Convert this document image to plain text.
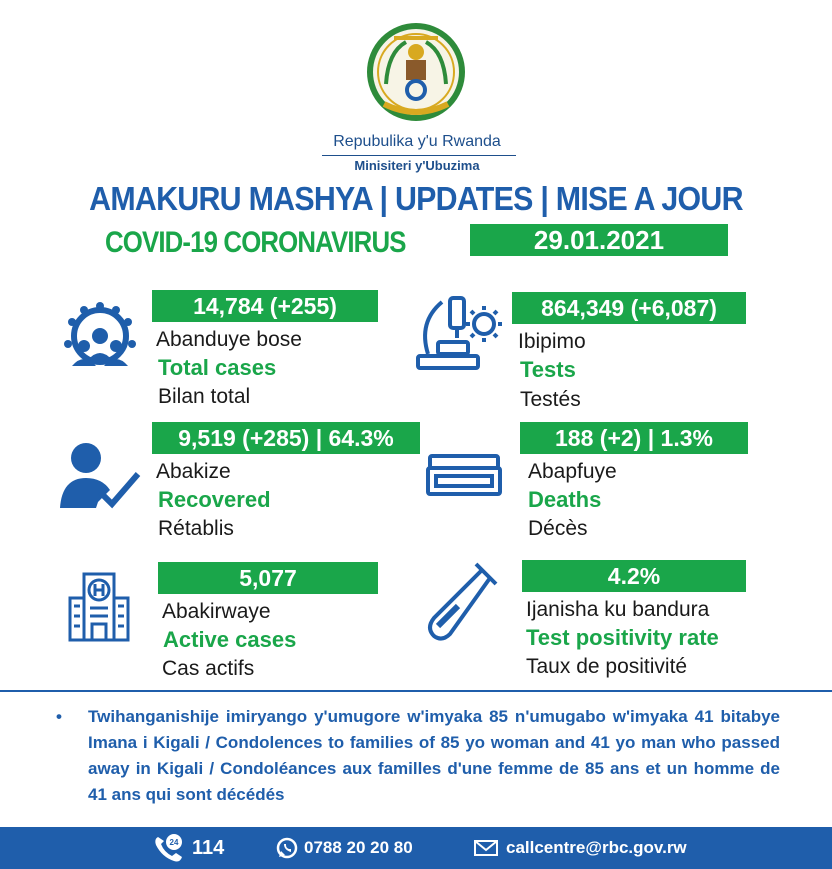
Repubulika y'u Rwanda
Minisiteri y'Ubuzima
AMAKURU MASHYA | UPDATES | MISE A JOUR
COVID-19 CORONAVIRUS	29.01.2021
14,784 (+255)
Abanduye bose
Total cases
Bilan total
864,349 (+6,087)
Ibipimo
Tests
Testés
9,519 (+285) | 64.3%
Abakize
Recovered
Rétablis
188 (+2) | 1.3%
Abapfuye
Deaths
Décès
5,077
Abakirwaye
Active cases
Cas actifs
4.2%
Ijanisha ku bandura
Test positivity rate
Taux de positivité
•	Twihanganishije imiryango y'umugore w'imyaka 85 n'umugabo w'imyaka 41 bitabye Imana i Kigali / Condolences to families of 85 yo woman and 41 yo man who passed away in Kigali / Condoléances aux familles d'une femme de 85 ans et un homme de 41 ans qui sont décédés
24 114	0788 20 20 80	callcentre@rbc.gov.rw
